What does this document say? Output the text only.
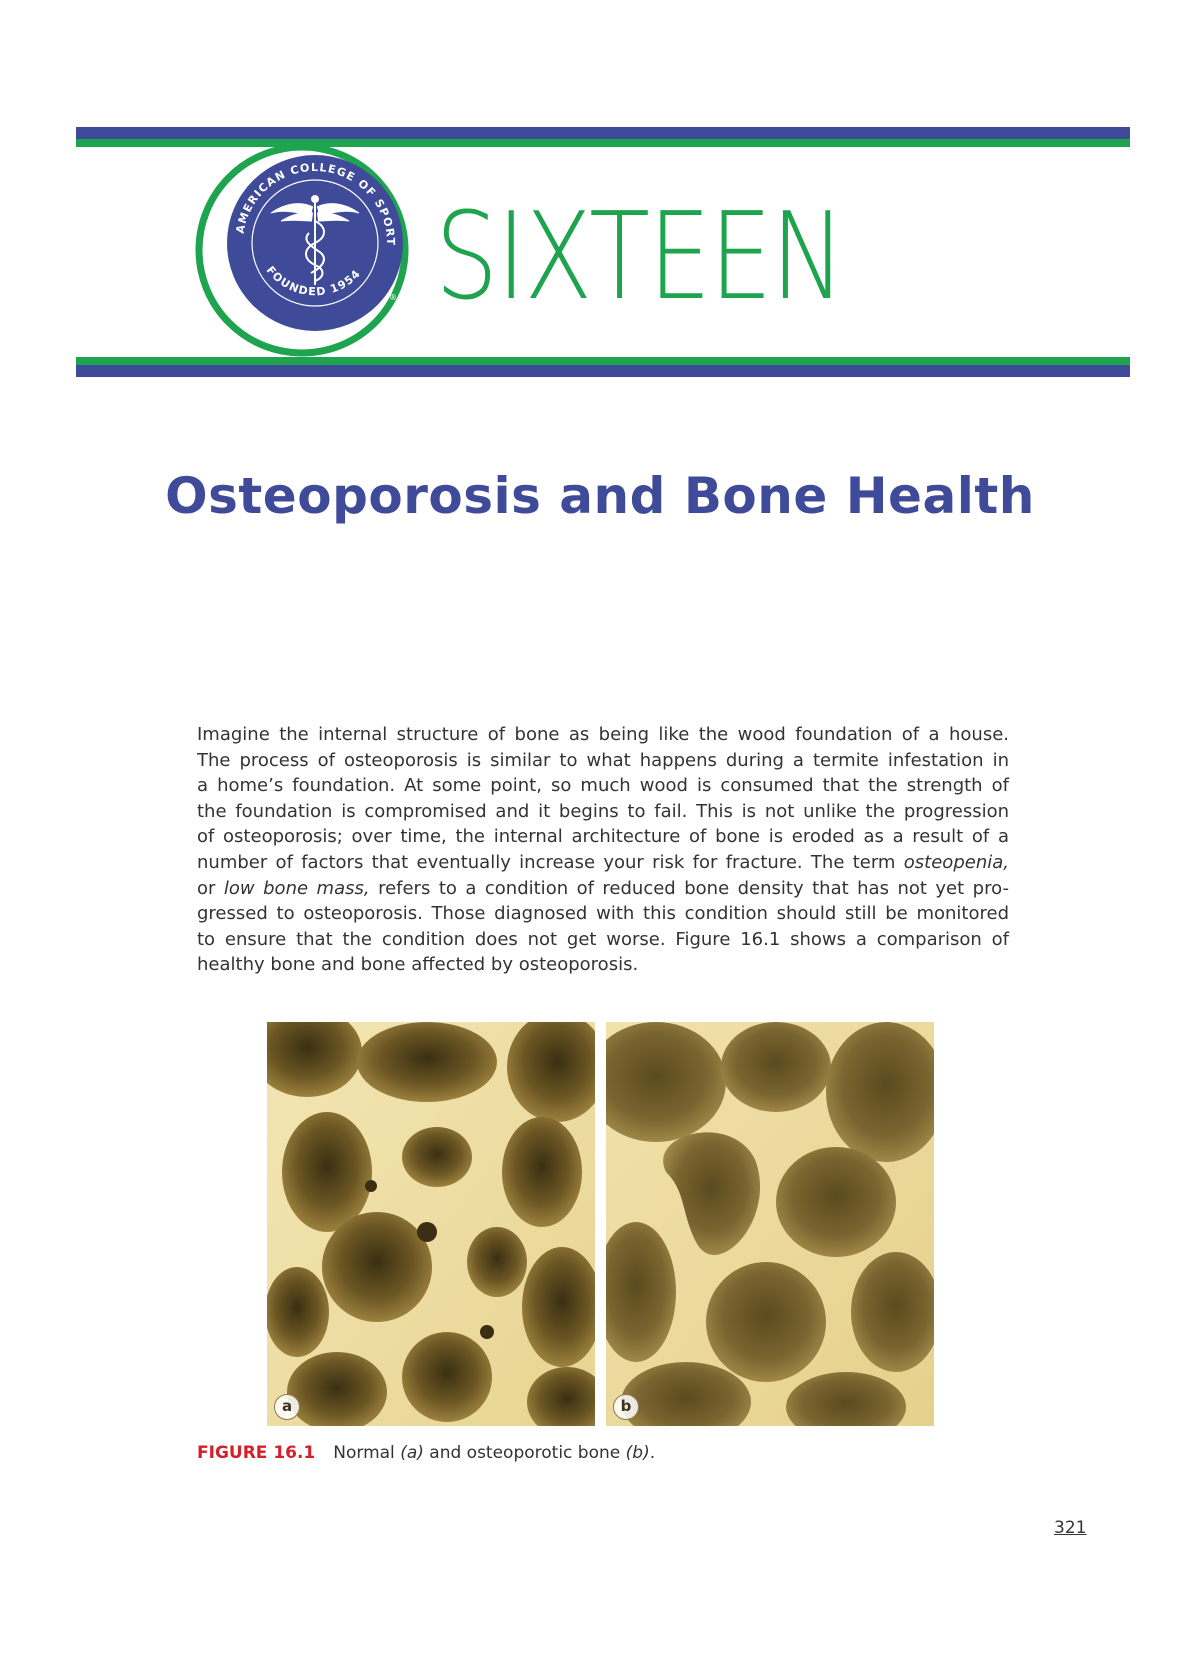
AMERICAN COLLEGE OF SPORT
FOUNDED 1954
® SIXTEEN
Osteoporosis and Bone Health
Imagine the internal structure of bone as being like the wood foundation of a house.
The process of osteoporosis is similar to what happens during a termite infestation in
a home’s foundation. At some point, so much wood is consumed that the strength of
the foundation is compromised and it begins to fail. This is not unlike the progression
of osteoporosis; over time, the internal architecture of bone is eroded as a result of a
number of factors that eventually increase your risk for fracture. The term osteopenia,
or low bone mass, refers to a condition of reduced bone density that has not yet pro-
gressed to osteoporosis. Those diagnosed with this condition should still be monitored
to ensure that the condition does not get worse. Figure 16.1 shows a comparison of
healthy bone and bone affected by osteoporosis.
a	b
FIGURE 16.1 Normal (a) and osteoporotic bone (b).
321
